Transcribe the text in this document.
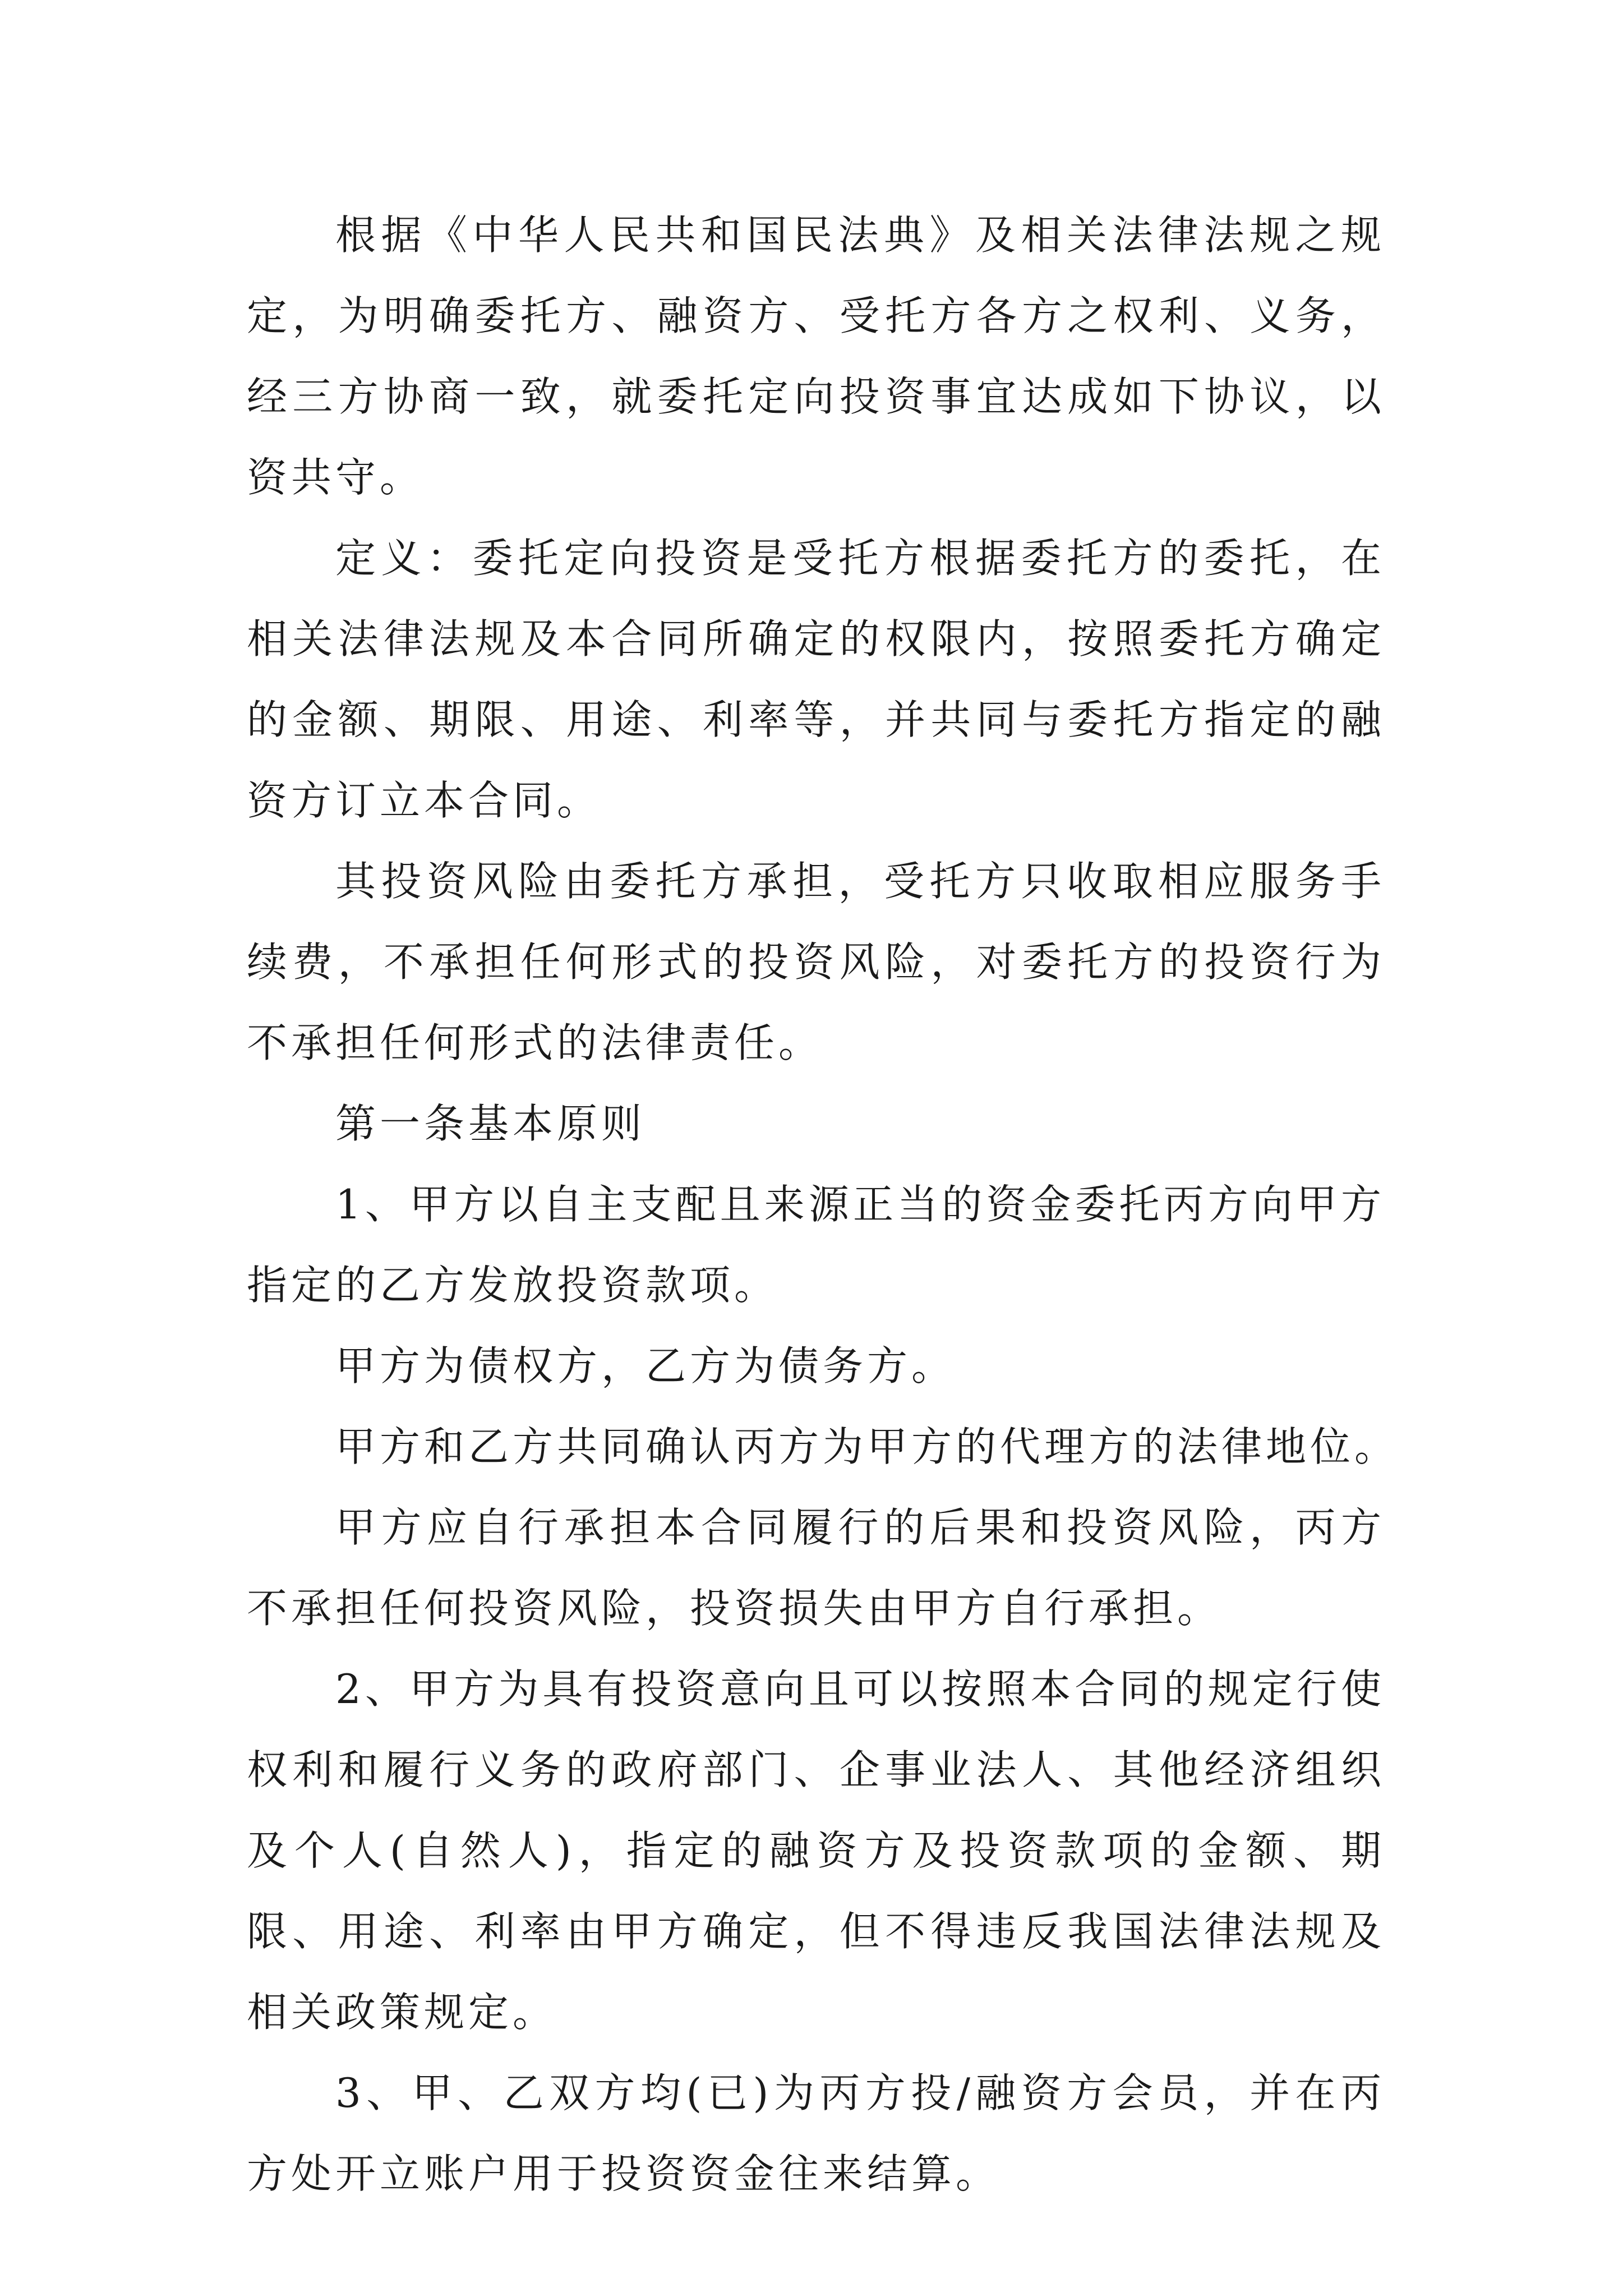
根据《中华人民共和国民法典》及相关法律法规之规定，为明确委托方、融资方、受托方各方之权利、义务，经三方协商一致，就委托定向投资事宜达成如下协议，以资共守。

定义：委托定向投资是受托方根据委托方的委托，在相关法律法规及本合同所确定的权限内，按照委托方确定的金额、期限、用途、利率等，并共同与委托方指定的融资方订立本合同。

其投资风险由委托方承担，受托方只收取相应服务手续费，不承担任何形式的投资风险，对委托方的投资行为不承担任何形式的法律责任。

第一条基本原则

1、甲方以自主支配且来源正当的资金委托丙方向甲方指定的乙方发放投资款项。

甲方为债权方，乙方为债务方。

甲方和乙方共同确认丙方为甲方的代理方的法律地位。

甲方应自行承担本合同履行的后果和投资风险，丙方不承担任何投资风险，投资损失由甲方自行承担。

2、甲方为具有投资意向且可以按照本合同的规定行使权利和履行义务的政府部门、企事业法人、其他经济组织及个人(自然人)，指定的融资方及投资款项的金额、期限、用途、利率由甲方确定，但不得违反我国法律法规及相关政策规定。

3、甲、乙双方均(已)为丙方投/融资方会员，并在丙方处开立账户用于投资资金往来结算。
